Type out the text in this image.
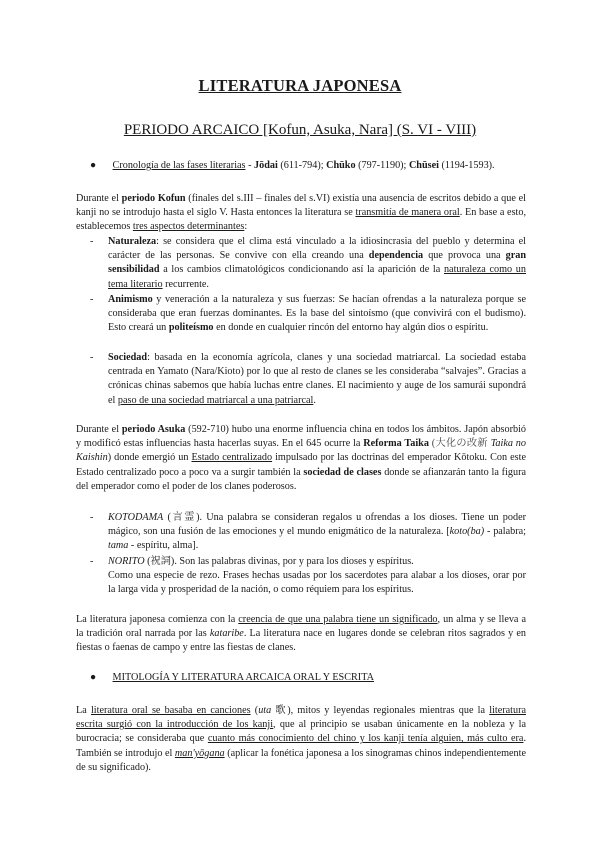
LITERATURA JAPONESA
PERIODO ARCAICO [Kofun, Asuka, Nara] (S. VI - VIII)
● Cronología de las fases literarias - Jōdai (611-794); Chūko (797-1190); Chūsei (1194-1593).
Durante el periodo Kofun (finales del s.III – finales del s.VI) existía una ausencia de escritos debido a que el kanji no se introdujo hasta el siglo V. Hasta entonces la literatura se transmitía de manera oral. En base a esto, establecemos tres aspectos determinantes:
- Naturaleza: se considera que el clima está vinculado a la idiosincrasia del pueblo y determina el carácter de las personas. Se convive con ella creando una dependencia que provoca una gran sensibilidad a los cambios climatológicos condicionando así la aparición de la naturaleza como un tema literario recurrente.
- Animismo y veneración a la naturaleza y sus fuerzas: Se hacían ofrendas a la naturaleza porque se consideraba que eran fuerzas dominantes. Es la base del sintoísmo (que convivirá con el budismo). Esto creará un politeísmo en donde en cualquier rincón del entorno hay algún dios o espíritu.
- Sociedad: basada en la economía agrícola, clanes y una sociedad matriarcal. La sociedad estaba centrada en Yamato (Nara/Kioto) por lo que al resto de clanes se les consideraba “salvajes”. Gracias a crónicas chinas sabemos que había luchas entre clanes. El nacimiento y auge de los samurái supondrá el paso de una sociedad matriarcal a una patriarcal.
Durante el periodo Asuka (592-710) hubo una enorme influencia china en todos los ámbitos. Japón absorbió y modificó estas influencias hasta hacerlas suyas. En el 645 ocurre la Reforma Taika (大化の改新 Taika no Kaishin) donde emergió un Estado centralizado impulsado por las doctrinas del emperador Kōtoku. Con este Estado centralizado poco a poco va a surgir también la sociedad de clases donde se afianzarán tanto la figura del emperador como el poder de los clanes poderosos.
- KOTODAMA (言霊). Una palabra se consideran regalos u ofrendas a los dioses. Tiene un poder mágico, son una fusión de las emociones y el mundo enigmático de la naturaleza. [koto(ba) - palabra; tama - espíritu, alma].
- NORITO (祝詞). Son las palabras divinas, por y para los dioses y espíritus.
Como una especie de rezo. Frases hechas usadas por los sacerdotes para alabar a los dioses, orar por la larga vida y prosperidad de la nación, o como réquiem para los espíritus.
La literatura japonesa comienza con la creencia de que una palabra tiene un significado, un alma y se lleva a la tradición oral narrada por las kataribe. La literatura nace en lugares donde se celebran ritos sagrados y en fiestas o faenas de campo y entre las fiestas de clanes.
● MITOLOGÍA Y LITERATURA ARCAICA ORAL Y ESCRITA
La literatura oral se basaba en canciones (uta 歌), mitos y leyendas regionales mientras que la literatura escrita surgió con la introducción de los kanji, que al principio se usaban únicamente en la nobleza y la burocracia; se consideraba que cuanto más conocimiento del chino y los kanji tenía alguien, más culto era. También se introdujo el man'yōgana (aplicar la fonética japonesa a los sinogramas chinos independientemente de su significado).
